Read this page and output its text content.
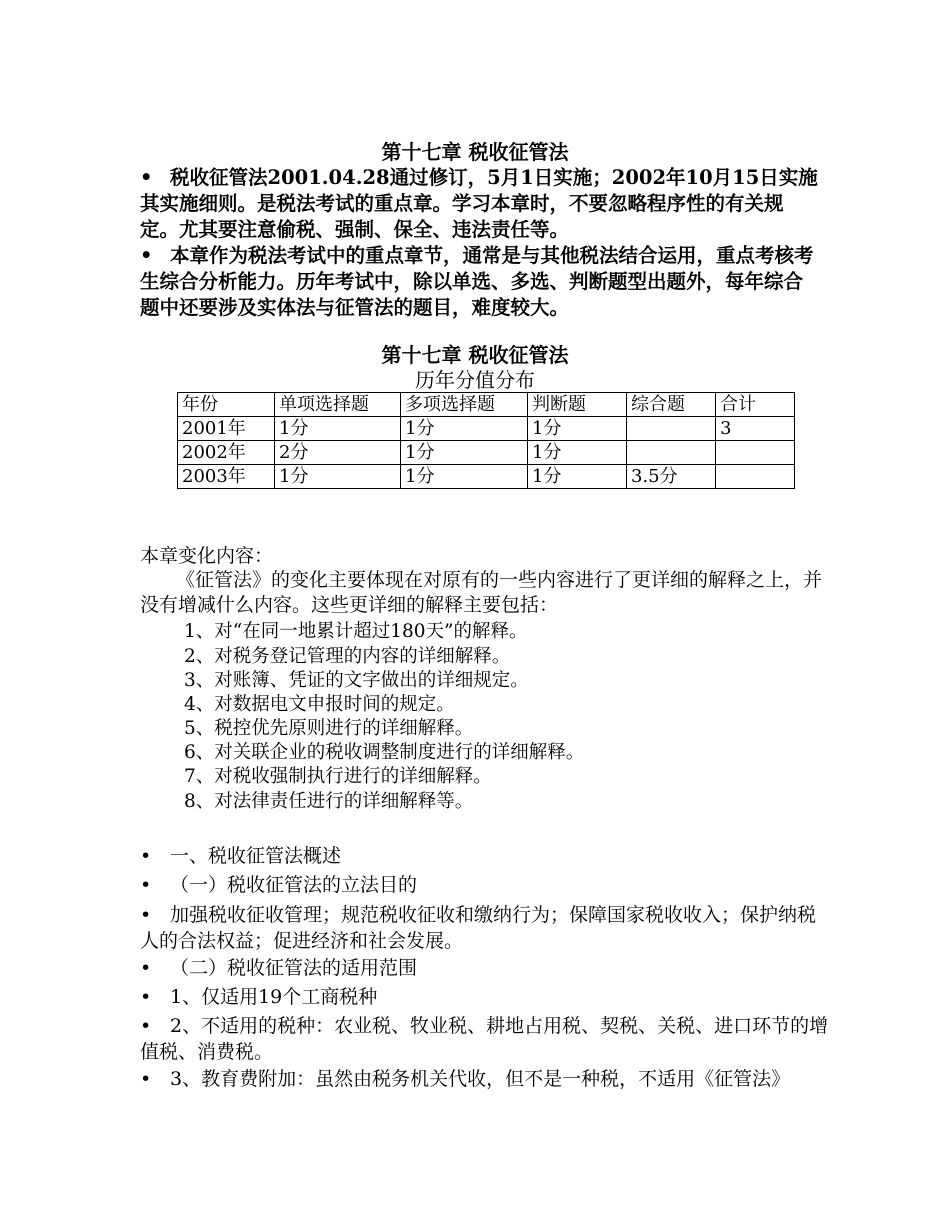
第十七章 税收征管法
• 税收征管法2001.04.28通过修订，5月1日实施；2002年10月15日实施其实施细则。是税法考试的重点章。学习本章时，不要忽略程序性的有关规定。尤其要注意偷税、强制、保全、违法责任等。
• 本章作为税法考试中的重点章节，通常是与其他税法结合运用，重点考核考生综合分析能力。历年考试中，除以单选、多选、判断题型出题外，每年综合题中还要涉及实体法与征管法的题目，难度较大。
第十七章 税收征管法
历年分值分布
年份	单项选择题	多项选择题	判断题	综合题	合计
2001年	1分	1分	1分		3
2002年	2分	1分	1分		
2003年	1分	1分	1分	3.5分	
本章变化内容：
《征管法》的变化主要体现在对原有的一些内容进行了更详细的解释之上，并没有增减什么内容。这些更详细的解释主要包括：
1、对“在同一地累计超过180天”的解释。
2、对税务登记管理的内容的详细解释。
3、对账簿、凭证的文字做出的详细规定。
4、对数据电文申报时间的规定。
5、税控优先原则进行的详细解释。
6、对关联企业的税收调整制度进行的详细解释。
7、对税收强制执行进行的详细解释。
8、对法律责任进行的详细解释等。
• 一、税收征管法概述
• （一）税收征管法的立法目的
• 加强税收征收管理；规范税收征收和缴纳行为；保障国家税收收入；保护纳税人的合法权益；促进经济和社会发展。
• （二）税收征管法的适用范围
• 1、仅适用19个工商税种
• 2、不适用的税种：农业税、牧业税、耕地占用税、契税、关税、进口环节的增值税、消费税。
• 3、教育费附加：虽然由税务机关代收，但不是一种税，不适用《征管法》
